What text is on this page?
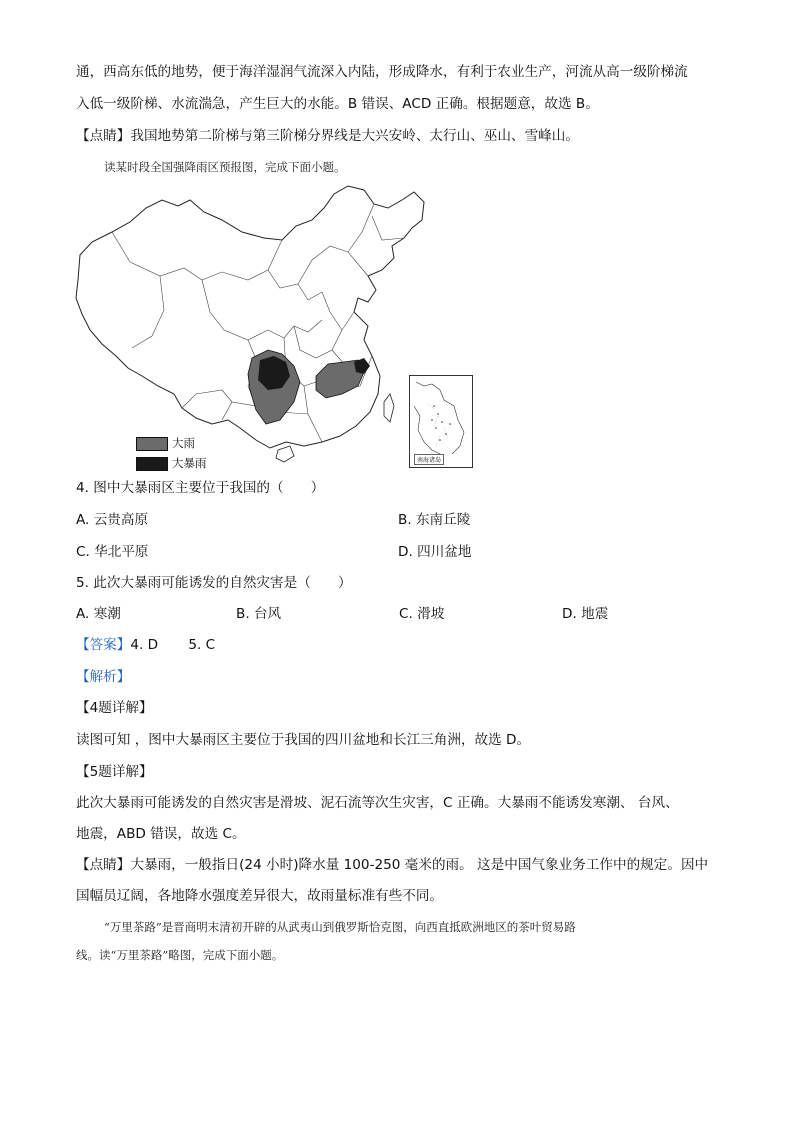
通，西高东低的地势，便于海洋湿润气流深入内陆，形成降水，有利于农业生产，河流从高一级阶梯流
入低一级阶梯、水流湍急，产生巨大的水能。B 错误、ACD 正确。根据题意，故选 B。
【点睛】我国地势第二阶梯与第三阶梯分界线是大兴安岭、太行山、巫山、雪峰山。
读某时段全国强降雨区预报图，完成下面小题。
南海诸岛
大雨
大暴雨
4. 图中大暴雨区主要位于我国的（　　）
A. 云贵高原	B. 东南丘陵
C. 华北平原	D. 四川盆地
5. 此次大暴雨可能诱发的自然灾害是（　　）
A. 寒潮	B. 台风	C. 滑坡	D. 地震
【答案】4. D       5. C
【解析】
【4题详解】
读图可知 ，图中大暴雨区主要位于我国的四川盆地和长江三角洲，故选 D。
【5题详解】
此次大暴雨可能诱发的自然灾害是滑坡、泥石流等次生灾害，C 正确。大暴雨不能诱发寒潮、 台风、
地震，ABD 错误，故选 C。
【点睛】大暴雨，一般指日(24 小时)降水量 100-250 毫米的雨。 这是中国气象业务工作中的规定。因中
国幅员辽阔，各地降水强度差异很大，故雨量标准有些不同。
“万里茶路”是晋商明末清初开辟的从武夷山到俄罗斯恰克图，向西直抵欧洲地区的茶叶贸易路
线。读“万里茶路”略图，完成下面小题。
